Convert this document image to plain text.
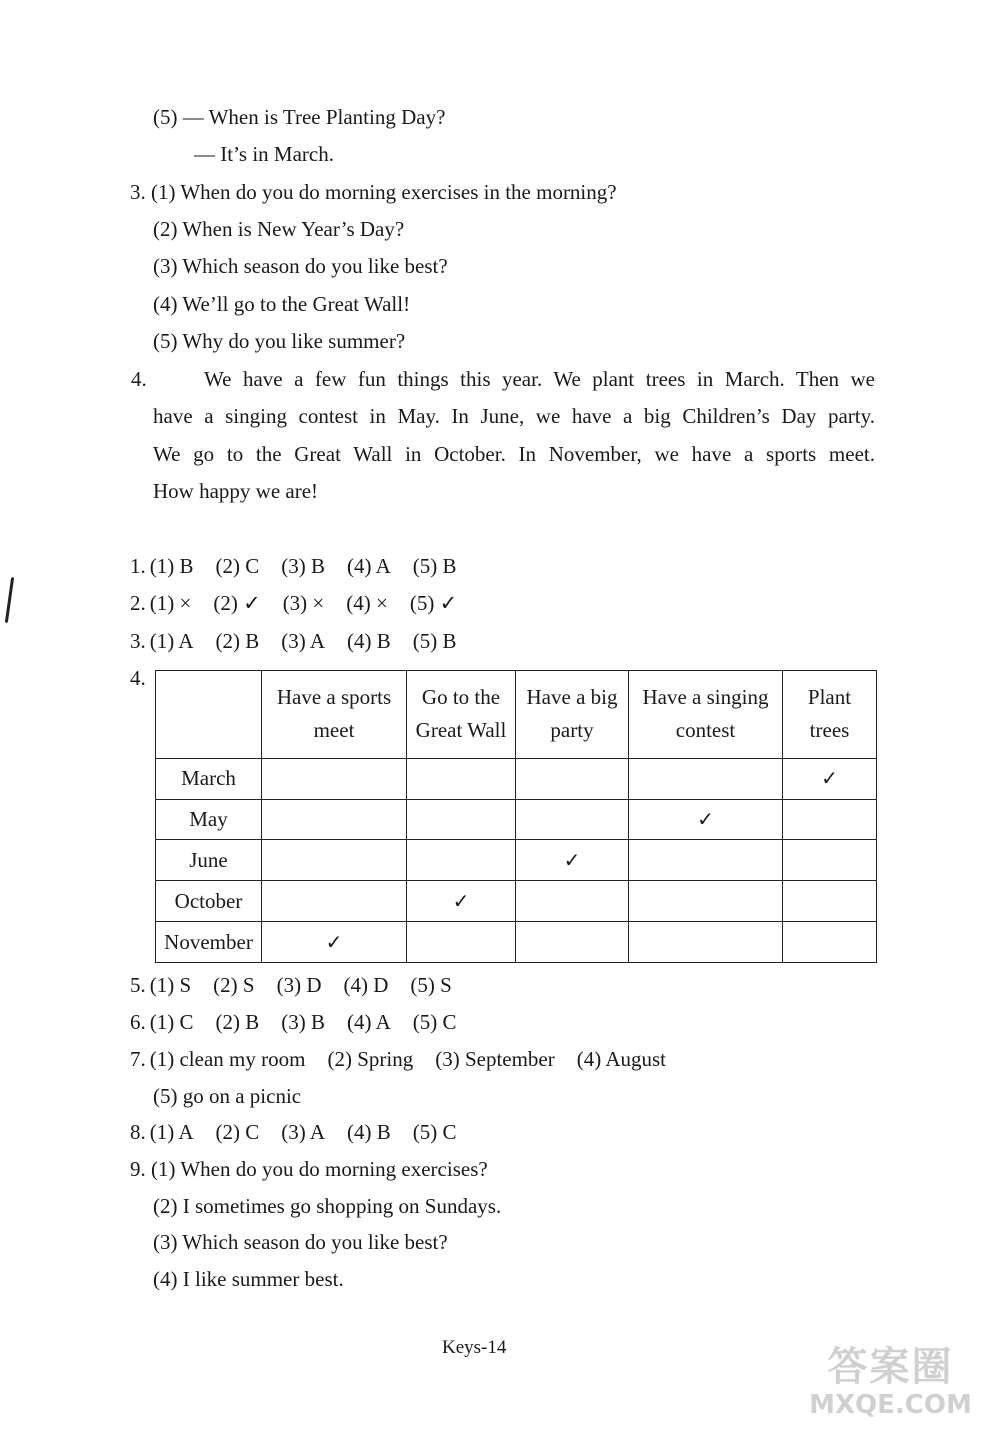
(5) — When is Tree Planting Day?
— It’s in March.
3. (1) When do you do morning exercises in the morning?
(2) When is New Year’s Day?
(3) Which season do you like best?
(4) We’ll go to the Great Wall!
(5) Why do you like summer?
4.	We have a few fun things this year. We plant trees in March. Then we
have a singing contest in May. In June, we have a big Children’s Day party.
We go to the Great Wall in October. In November, we have a sports meet.
How happy we are!
1. (1) B (2) C (3) B (4) A (5) B
2. (1) × (2) ✓ (3) × (4) × (5) ✓
3. (1) A (2) B (3) A (4) B (5) B
4.
	Have a sports
meet	Go to the
Great Wall	Have a big
party	Have a singing
contest	Plant
trees
March					✓
May				✓	
June			✓		
October		✓			
November	✓				
5. (1) S (2) S (3) D (4) D (5) S
6. (1) C (2) B (3) B (4) A (5) C
7. (1) clean my room (2) Spring (3) September (4) August
(5) go on a picnic
8. (1) A (2) C (3) A (4) B (5) C
9. (1) When do you do morning exercises?
(2) I sometimes go shopping on Sundays.
(3) Which season do you like best?
(4) I like summer best.
Keys-14	答案圈
MXQE.COM
